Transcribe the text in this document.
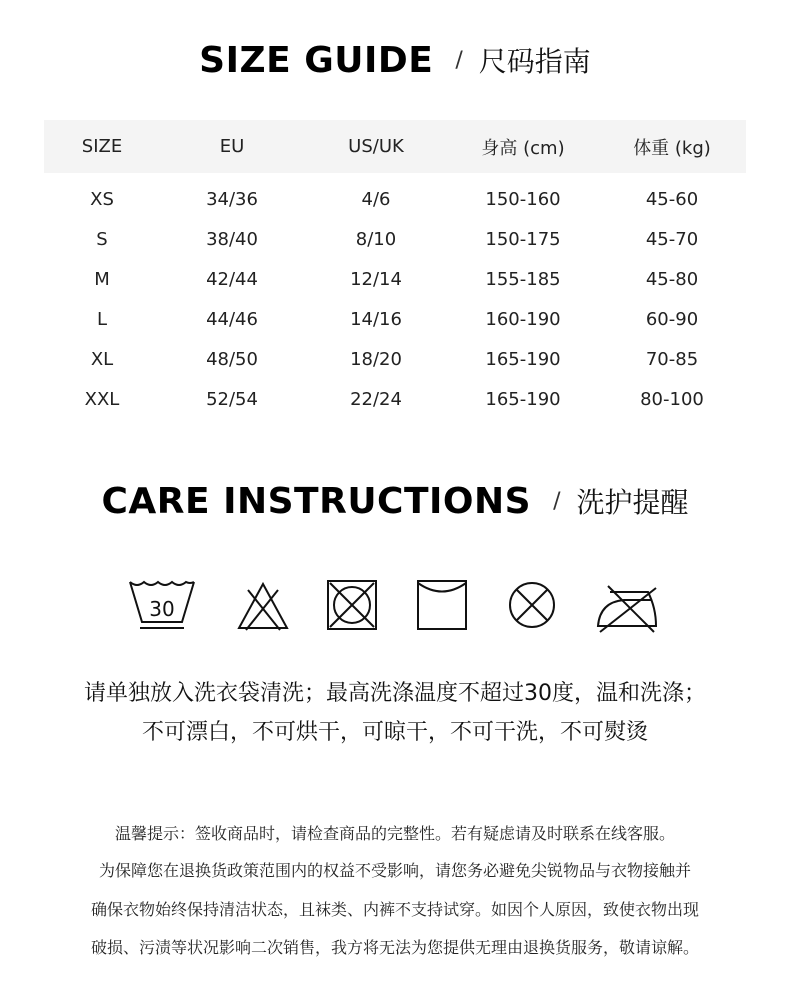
SIZE GUIDE / 尺码指南
SIZE	EU	US/UK	身高 (cm)	体重 (kg)
XS	34/36	4/6	150-160	45-60
S	38/40	8/10	150-175	45-70
M	42/44	12/14	155-185	45-80
L	44/46	14/16	160-190	60-90
XL	48/50	18/20	165-190	70-85
XXL	52/54	22/24	165-190	80-100
CARE INSTRUCTIONS / 洗护提醒
30
请单独放入洗衣袋清洗；最高洗涤温度不超过30度，温和洗涤；
不可漂白，不可烘干，可晾干，不可干洗，不可熨烫
温馨提示：签收商品时，请检查商品的完整性。若有疑虑请及时联系在线客服。
为保障您在退换货政策范围内的权益不受影响，请您务必避免尖锐物品与衣物接触并
确保衣物始终保持清洁状态，且袜类、内裤不支持试穿。如因个人原因，致使衣物出现
破损、污渍等状况影响二次销售，我方将无法为您提供无理由退换货服务，敬请谅解。
